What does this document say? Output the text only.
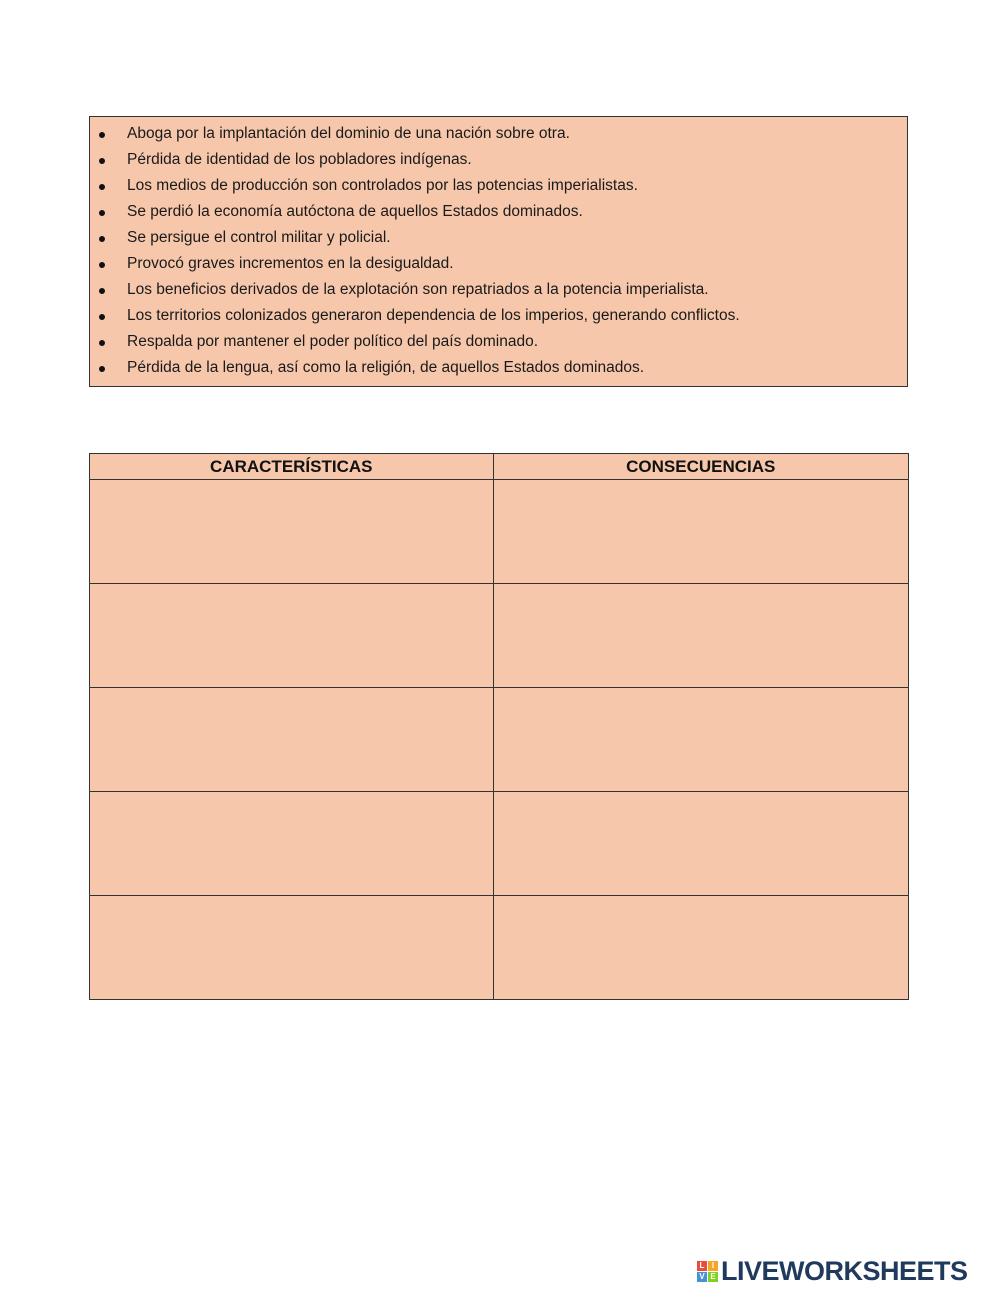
Aboga por la implantación del dominio de una nación sobre otra.
Pérdida de identidad de los pobladores indígenas.
Los medios de producción son controlados por las potencias imperialistas.
Se perdió la economía autóctona de aquellos Estados dominados.
Se persigue el control militar y policial.
Provocó graves incrementos en la desigualdad.
Los beneficios derivados de la explotación son repatriados a la potencia imperialista.
Los territorios colonizados generaron dependencia de los imperios, generando conflictos.
Respalda por mantener el poder político del país dominado.
Pérdida de la lengua, así como la religión, de aquellos Estados dominados.
CARACTERÍSTICAS	CONSECUENCIAS

L I
V E LIVEWORKSHEETS
